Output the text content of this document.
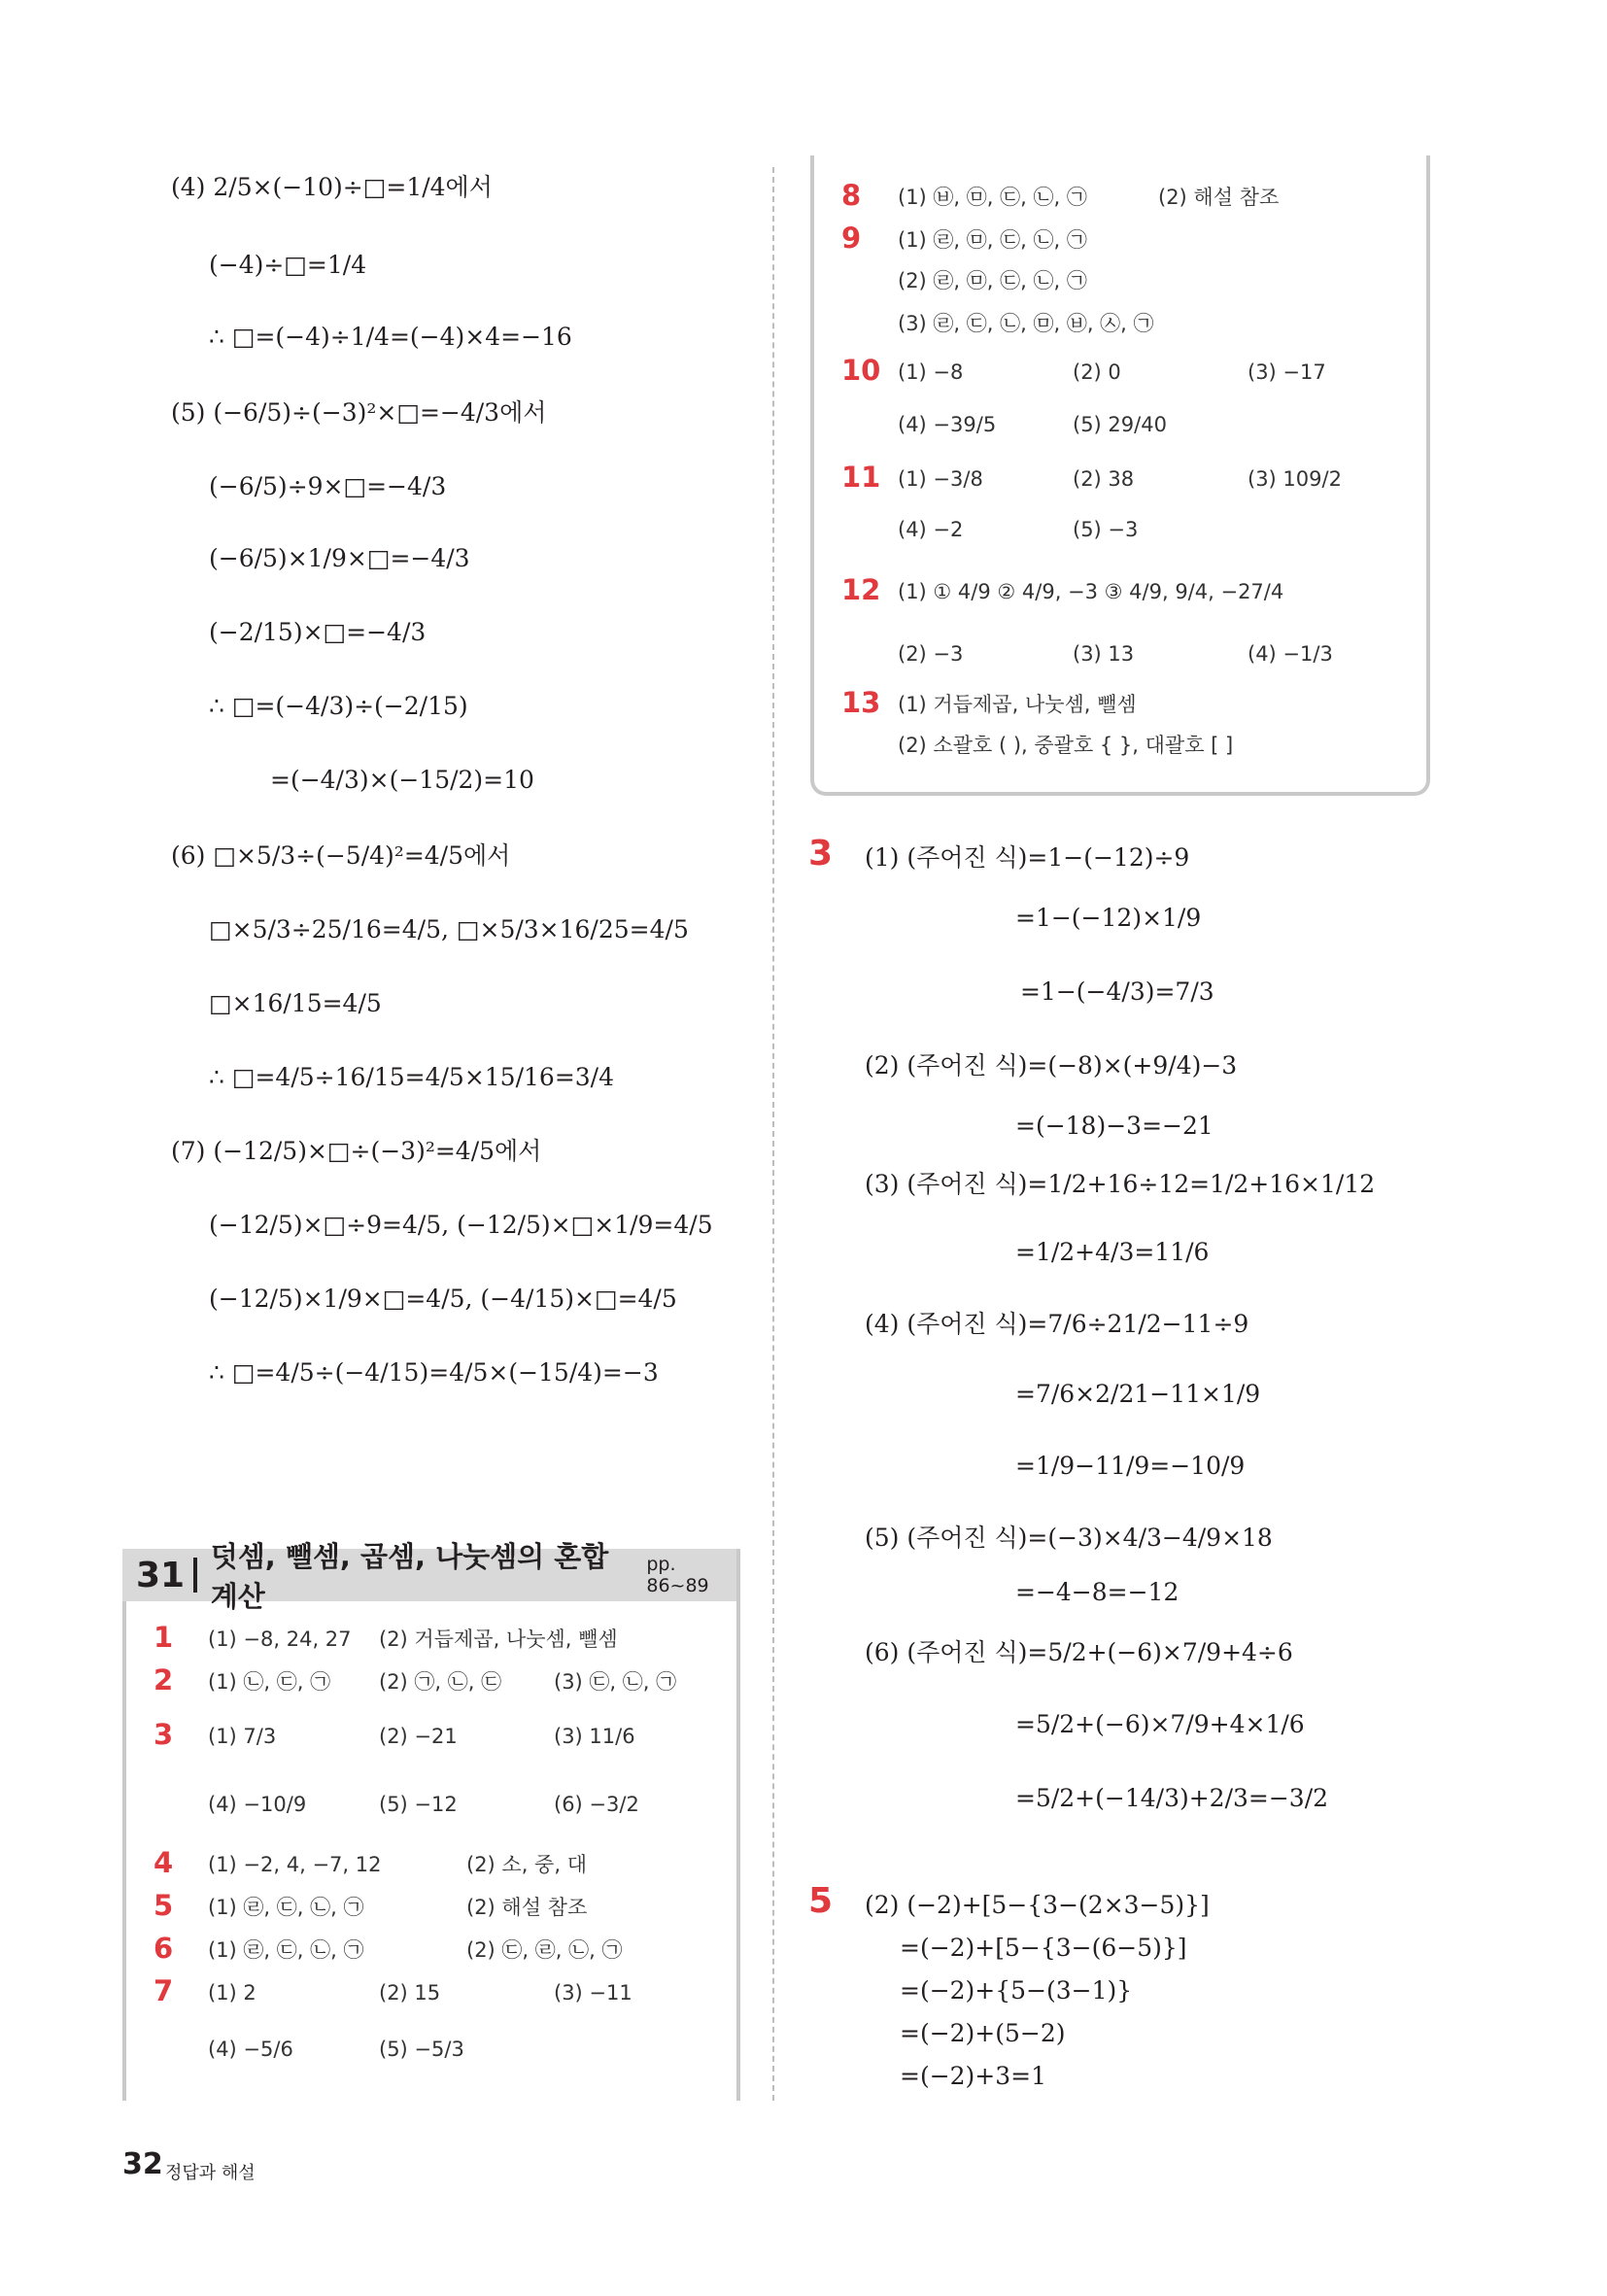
(4) 2/5×(−10)÷□=1/4에서
(−4)÷□=1/4
∴ □=(−4)÷1/4=(−4)×4=−16
(5) (−6/5)÷(−3)²×□=−4/3에서
(−6/5)÷9×□=−4/3
(−6/5)×1/9×□=−4/3
(−2/15)×□=−4/3
∴ □=(−4/3)÷(−2/15)
=(−4/3)×(−15/2)=10
(6) □×5/3÷(−5/4)²=4/5에서
□×5/3÷25/16=4/5, □×5/3×16/25=4/5
□×16/15=4/5
∴ □=4/5÷16/15=4/5×15/16=3/4
(7) (−12/5)×□÷(−3)²=4/5에서
(−12/5)×□÷9=4/5, (−12/5)×□×1/9=4/5
(−12/5)×1/9×□=4/5, (−4/15)×□=4/5
∴ □=4/5÷(−4/15)=4/5×(−15/4)=−3
31 덧셈, 뺄셈, 곱셈, 나눗셈의 혼합 계산
pp. 86~89
1 (1) −8, 24, 27 (2) 거듭제곱, 나눗셈, 뺄셈
2 (1) ㉡, ㉢, ㉠ (2) ㉠, ㉡, ㉢	(3) ㉢, ㉡, ㉠
3 (1) 7/3	(2) −21	(3) 11/6
(4) −10/9	(5) −12	(6) −3/2
4 (1) −2, 4, −7, 12	(2) 소, 중, 대
5 (1) ㉣, ㉢, ㉡, ㉠	(2) 해설 참조
6 (1) ㉣, ㉢, ㉡, ㉠	(2) ㉢, ㉣, ㉡, ㉠
7 (1) 2	(2) 15	(3) −11
(4) −5/6	(5) −5/3
8 (1) ㉥, ㉤, ㉢, ㉡, ㉠	(2) 해설 참조
9 (1) ㉣, ㉤, ㉢, ㉡, ㉠
(2) ㉣, ㉤, ㉢, ㉡, ㉠
(3) ㉣, ㉢, ㉡, ㉤, ㉥, ㉦, ㉠
10 (1) −8	(2) 0	(3) −17
(4) −39/5	(5) 29/40
11 (1) −3/8	(2) 38	(3) 109/2
(4) −2	(5) −3
12 (1) ① 4/9 ② 4/9, −3 ③ 4/9, 9/4, −27/4
(2) −3	(3) 13	(4) −1/3
13 (1) 거듭제곱, 나눗셈, 뺄셈
(2) 소괄호 ( ), 중괄호 { }, 대괄호 [ ]
3 (1) (주어진 식)=1−(−12)÷9
=1−(−12)×1/9
=1−(−4/3)=7/3
(2) (주어진 식)=(−8)×(+9/4)−3
=(−18)−3=−21
(3) (주어진 식)=1/2+16÷12=1/2+16×1/12
=1/2+4/3=11/6
(4) (주어진 식)=7/6÷21/2−11÷9
=7/6×2/21−11×1/9
=1/9−11/9=−10/9
(5) (주어진 식)=(−3)×4/3−4/9×18
=−4−8=−12
(6) (주어진 식)=5/2+(−6)×7/9+4÷6
=5/2+(−6)×7/9+4×1/6
=5/2+(−14/3)+2/3=−3/2
5 (2) (−2)+[5−{3−(2×3−5)}]
=(−2)+[5−{3−(6−5)}]
=(−2)+{5−(3−1)}
=(−2)+(5−2)
=(−2)+3=1
32 정답과 해설
